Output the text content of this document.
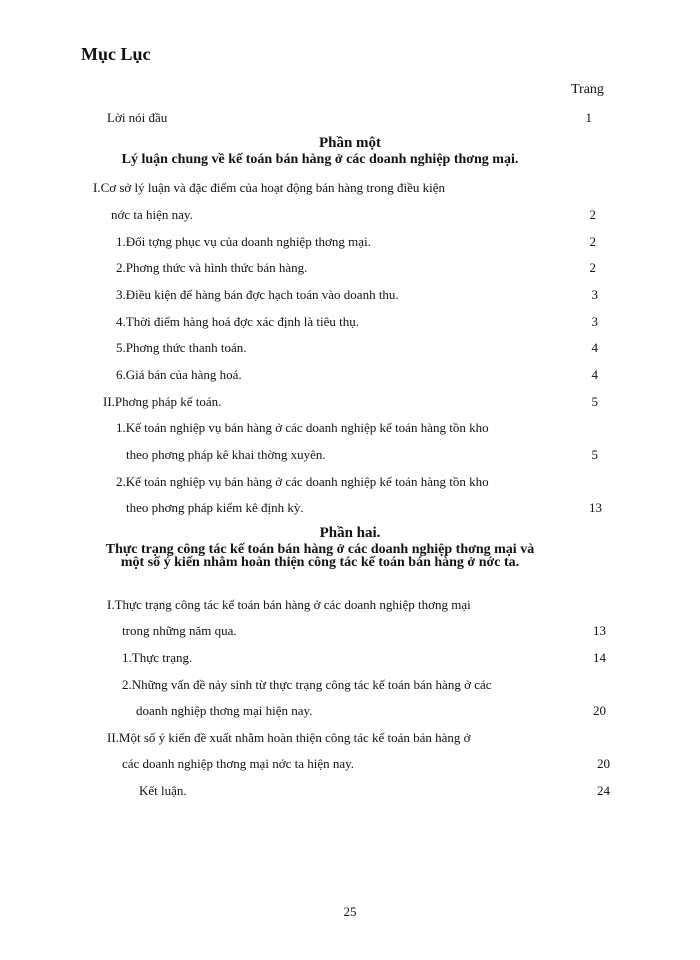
Mục Lục
Trang
Lời nói đầu	1
Phần một
Lý luận chung về kế toán bán hàng ở các doanh nghiệp thơng mại.
I.Cơ sở lý luận và đặc điểm của hoạt động bán hàng trong điều kiện
nớc ta hiện nay.	2
1.Đối tợng phục vụ của doanh nghiệp thơng mại.	2
2.Phơng thức và hình thức bán hàng.	2
3.Điều kiện để hàng bán đợc hạch toán vào doanh thu.	3
4.Thời điểm hàng hoá đợc xác định là tiêu thụ.	3
5.Phơng thức thanh toán.	4
6.Giá bán của hàng hoá.	4
II.Phơng pháp kế toán.	5
1.Kế toán nghiệp vụ bán hàng ở các doanh nghiệp kế toán hàng tồn kho
theo phơng pháp kê khai thờng xuyên.	5
2.Kế toán nghiệp vụ bán hàng ở các doanh nghiệp kế toán hàng tồn kho
theo phơng pháp kiểm kê định kỳ.	13
Phần hai.
Thực trạng công tác kế toán bán hàng ở các doanh nghiệp thơng mại và một số ý kiến nhằm hoàn thiện công tác kế toán bán hàng ở nớc ta.
I.Thực trạng công tác kế toán bán hàng ở các doanh nghiệp thơng mại
trong những năm qua.	13
1.Thực trạng.	14
2.Những vấn đề nảy sinh từ thực trạng công tác kế toán bán hàng ở các
doanh nghiệp thơng mại hiện nay.	20
II.Một số ý kiến đề xuất nhằm hoàn thiện công tác kế toán bán hàng ở
các doanh nghiệp thơng mại nớc ta hiện nay.	20
Kết luận.	24
25
